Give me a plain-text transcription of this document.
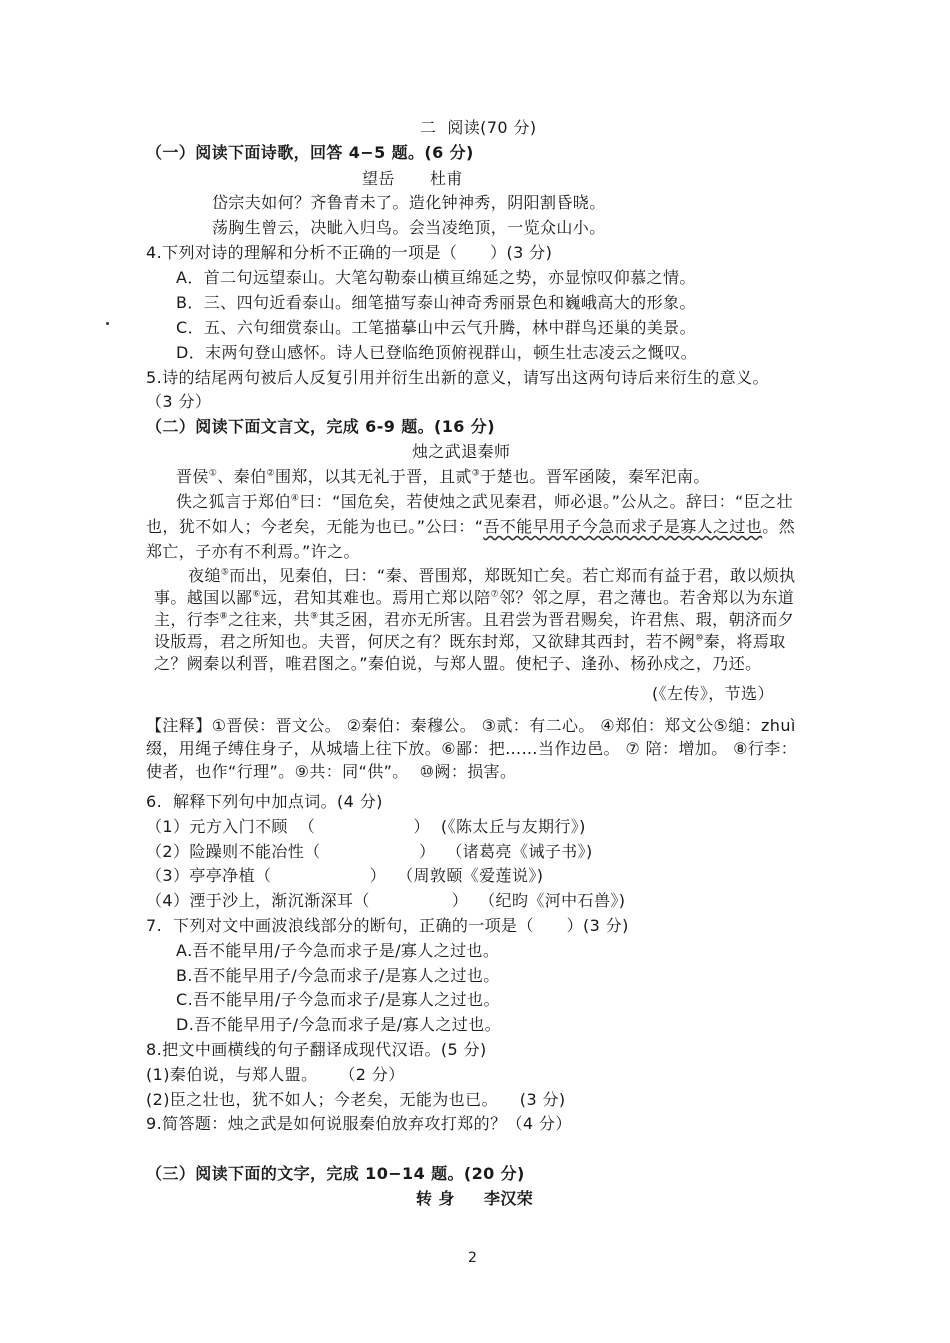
二  阅读(70 分)
（一）阅读下面诗歌，回答 4−5 题。(6 分)
望岳 杜甫
岱宗夫如何？齐鲁青未了。造化钟神秀，阴阳割昏晓。
荡胸生曾云，决眦入归鸟。会当凌绝顶，一览众山小。
4.下列对诗的理解和分析不正确的一项是（　　）(3 分)
A．首二句远望泰山。大笔勾勒泰山横亘绵延之势，亦显惊叹仰慕之情。
B．三、四句近看泰山。细笔描写泰山神奇秀丽景色和巍峨高大的形象。
C．五、六句细赏泰山。工笔描摹山中云气升腾，林中群鸟还巢的美景。
D．末两句登山感怀。诗人已登临绝顶俯视群山，顿生壮志凌云之慨叹。
5.诗的结尾两句被后人反复引用并衍生出新的意义，请写出这两句诗后来衍生的意义。
（3 分）
（二）阅读下面文言文，完成 6-9 题。(16 分)
烛之武退秦师
晋侯①、秦伯②围郑，以其无礼于晋，且贰③于楚也。晋军函陵，秦军汜南。
佚之狐言于郑伯④曰：“国危矣，若使烛之武见秦君，师必退。”公从之。辞曰：“臣之壮
也，犹不如人；今老矣，无能为也已。”公曰：“吾不能早用子今急而求子是寡人之过也。然
郑亡，子亦有不利焉。”许之。
夜缒⑤而出，见秦伯，曰：“秦、晋围郑，郑既知亡矣。若亡郑而有益于君，敢以烦执
事。越国以鄙⑥远，君知其难也。焉用亡郑以陪⑦邻？邻之厚，君之薄也。若舍郑以为东道
主，行李⑧之往来，共⑨其乏困，君亦无所害。且君尝为晋君赐矣，许君焦、瑕，朝济而夕
设版焉，君之所知也。夫晋，何厌之有？既东封郑，又欲肆其西封，若不阙⑩秦，将焉取
之？阙秦以利晋，唯君图之。”秦伯说，与郑人盟。使杞子、逢孙、杨孙戍之，乃还。
(《左传》，节选）
【注释】①晋侯：晋文公。 ②秦伯：秦穆公。 ③贰：有二心。 ④郑伯：郑文公⑤缒：zhuì
缀，用绳子缚住身子，从城墙上往下放。⑥鄙：把……当作边邑。 ⑦ 陪：增加。 ⑧行李：
使者，也作“行理”。⑨共：同“供”。  ⑩阙：损害。
6.  解释下列句中加点词。(4 分)
（1）元方入门不顾  （　　　　　　）  (《陈太丘与友期行》)
（2）险躁则不能冶性（　　　　　　）  （诸葛亮《诫子书》)
（3）亭亭净植（　　　　　　）  （周敦颐《爱莲说》)
（4）湮于沙上，渐沉渐深耳（　　　　　）  （纪昀《河中石兽》)
7.  下列对文中画波浪线部分的断句，正确的一项是（　　）(3 分)
A.吾不能早用/子今急而求子是/寡人之过也。
B.吾不能早用子/今急而求子/是寡人之过也。
C.吾不能早用/子今急而求子/是寡人之过也。
D.吾不能早用子/今急而求子是/寡人之过也。
8.把文中画横线的句子翻译成现代汉语。(5 分)
(1)秦伯说，与郑人盟。    （2 分）
(2)臣之壮也，犹不如人；今老矣，无能为也已。    (3 分)
9.简答题：烛之武是如何说服秦伯放弃攻打郑的？（4 分）
（三）阅读下面的文字，完成 10−14 题。(20 分)
转 身 李汉荣
2
